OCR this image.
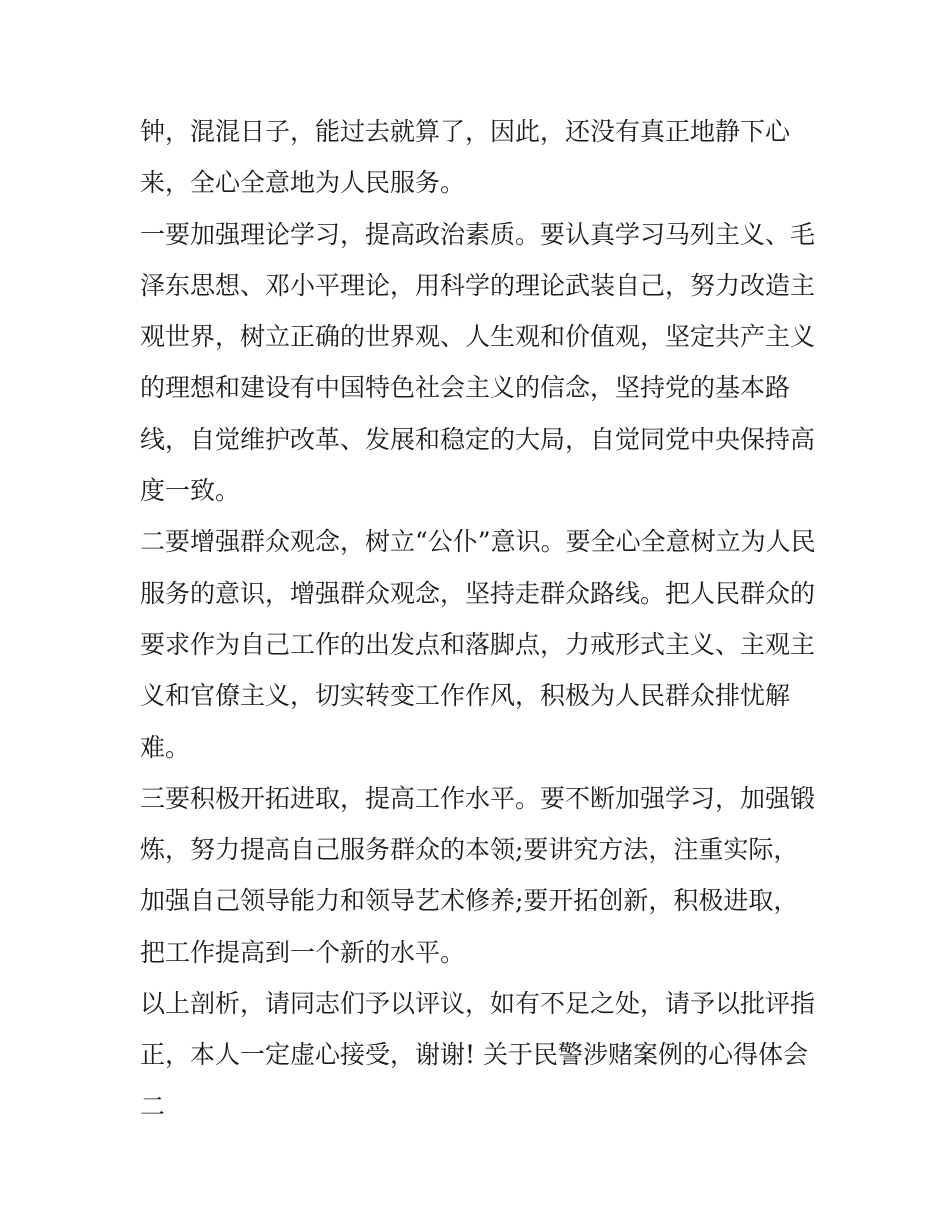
钟，混混日子，能过去就算了，因此，还没有真正地静下心
来，全心全意地为人民服务。
一要加强理论学习，提高政治素质。要认真学习马列主义、毛
泽东思想、邓小平理论，用科学的理论武装自己，努力改造主
观世界，树立正确的世界观、人生观和价值观，坚定共产主义
的理想和建设有中国特色社会主义的信念，坚持党的基本路
线，自觉维护改革、发展和稳定的大局，自觉同党中央保持高
度一致。
二要增强群众观念，树立“公仆”意识。要全心全意树立为人民
服务的意识，增强群众观念，坚持走群众路线。把人民群众的
要求作为自己工作的出发点和落脚点，力戒形式主义、主观主
义和官僚主义，切实转变工作作风，积极为人民群众排忧解
难。
三要积极开拓进取，提高工作水平。要不断加强学习，加强锻
炼，努力提高自己服务群众的本领;要讲究方法，注重实际，
加强自己领导能力和领导艺术修养;要开拓创新，积极进取，
把工作提高到一个新的水平。
以上剖析，请同志们予以评议，如有不足之处，请予以批评指
正，本人一定虚心接受，谢谢! 关于民警涉赌案例的心得体会
二
